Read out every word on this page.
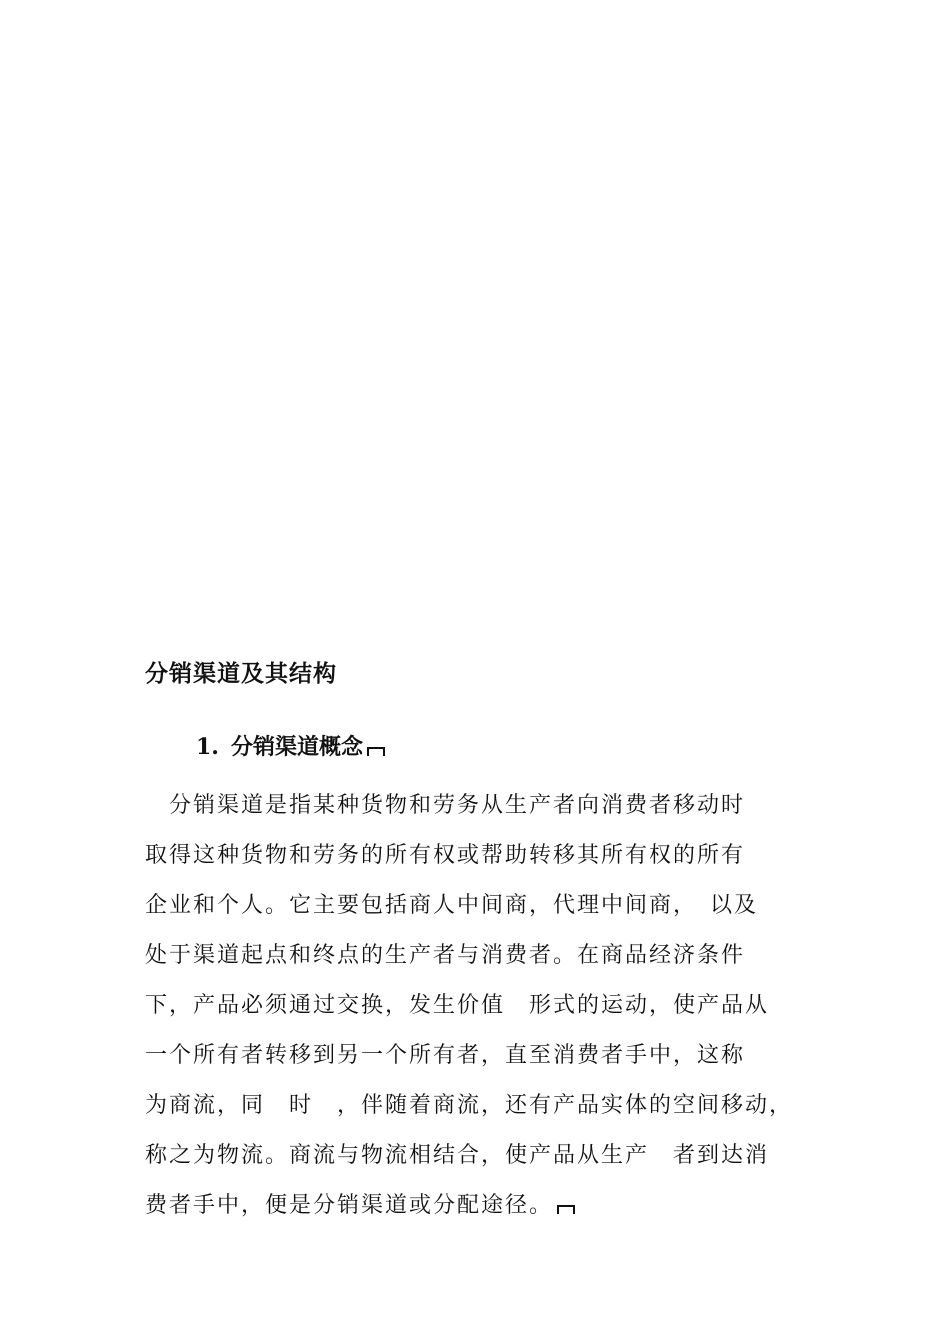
分销渠道及其结构
1. 分销渠道概念
　分销渠道是指某种货物和劳务从生产者向消费者移动时
取得这种货物和劳务的所有权或帮助转移其所有权的所有
企业和个人。它主要包括商人中间商，代理中间商，　以及
处于渠道起点和终点的生产者与消费者。在商品经济条件
下，产品必须通过交换，发生价值　形式的运动，使产品从
一个所有者转移到另一个所有者，直至消费者手中，这称
为商流，同　时　，伴随着商流，还有产品实体的空间移动，
称之为物流。商流与物流相结合，使产品从生产　者到达消
费者手中，便是分销渠道或分配途径。
